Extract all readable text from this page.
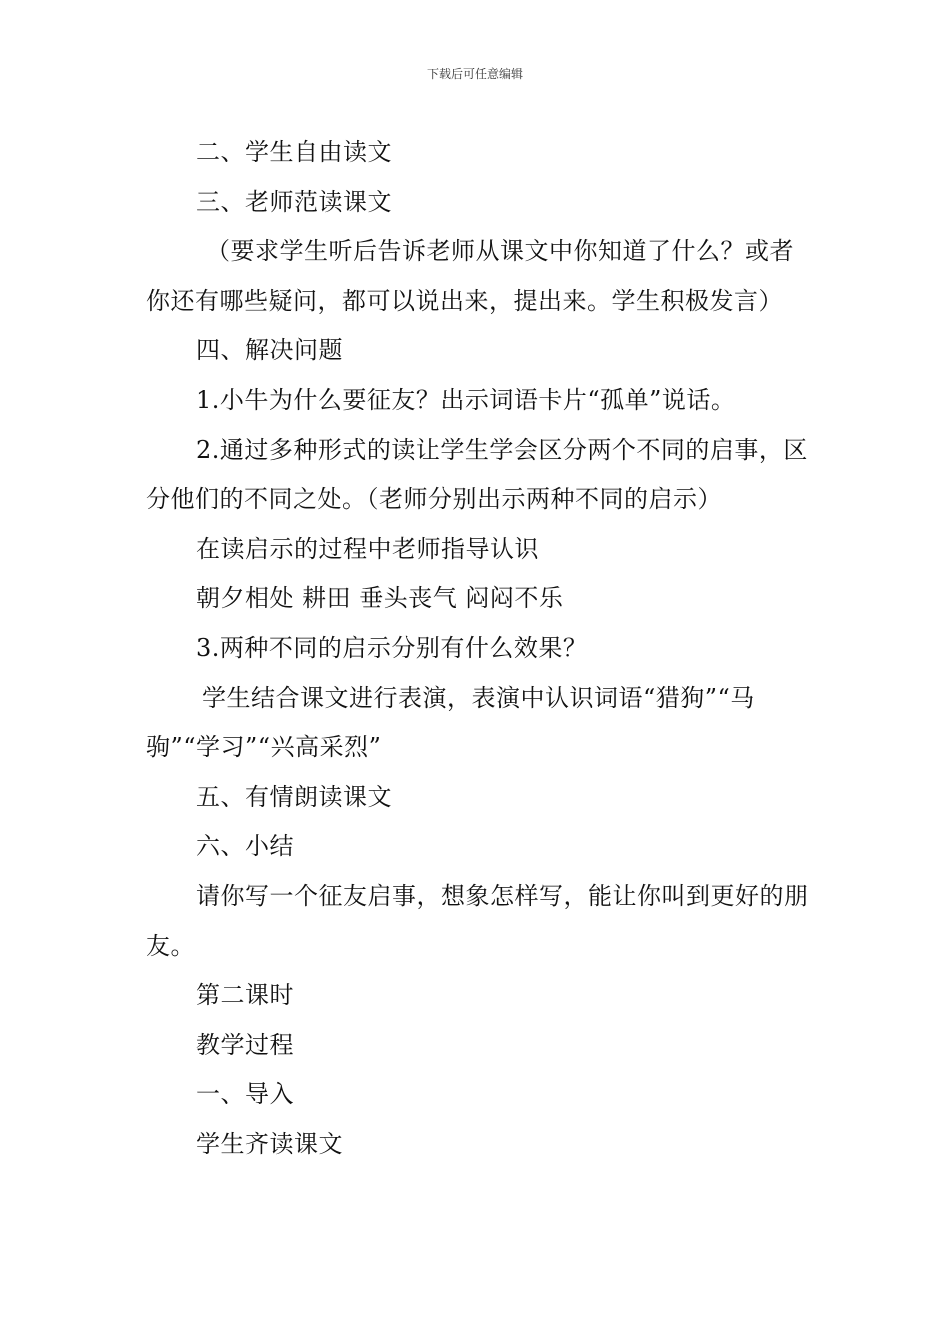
下载后可任意编辑

二、学生自由读文

三、老师范读课文

（要求学生听后告诉老师从课文中你知道了什么？或者你还有哪些疑问，都可以说出来，提出来。学生积极发言）

四、解决问题

1.小牛为什么要征友？出示词语卡片“孤单”说话。

2.通过多种形式的读让学生学会区分两个不同的启事，区分他们的不同之处。（老师分别出示两种不同的启示）

在读启示的过程中老师指导认识

朝夕相处 耕田 垂头丧气 闷闷不乐

3.两种不同的启示分别有什么效果？

学生结合课文进行表演，表演中认识词语“猎狗”“马驹”“学习”“兴高采烈”

五、有情朗读课文

六、小结

请你写一个征友启事，想象怎样写，能让你叫到更好的朋友。

第二课时

教学过程

一、导入

学生齐读课文
